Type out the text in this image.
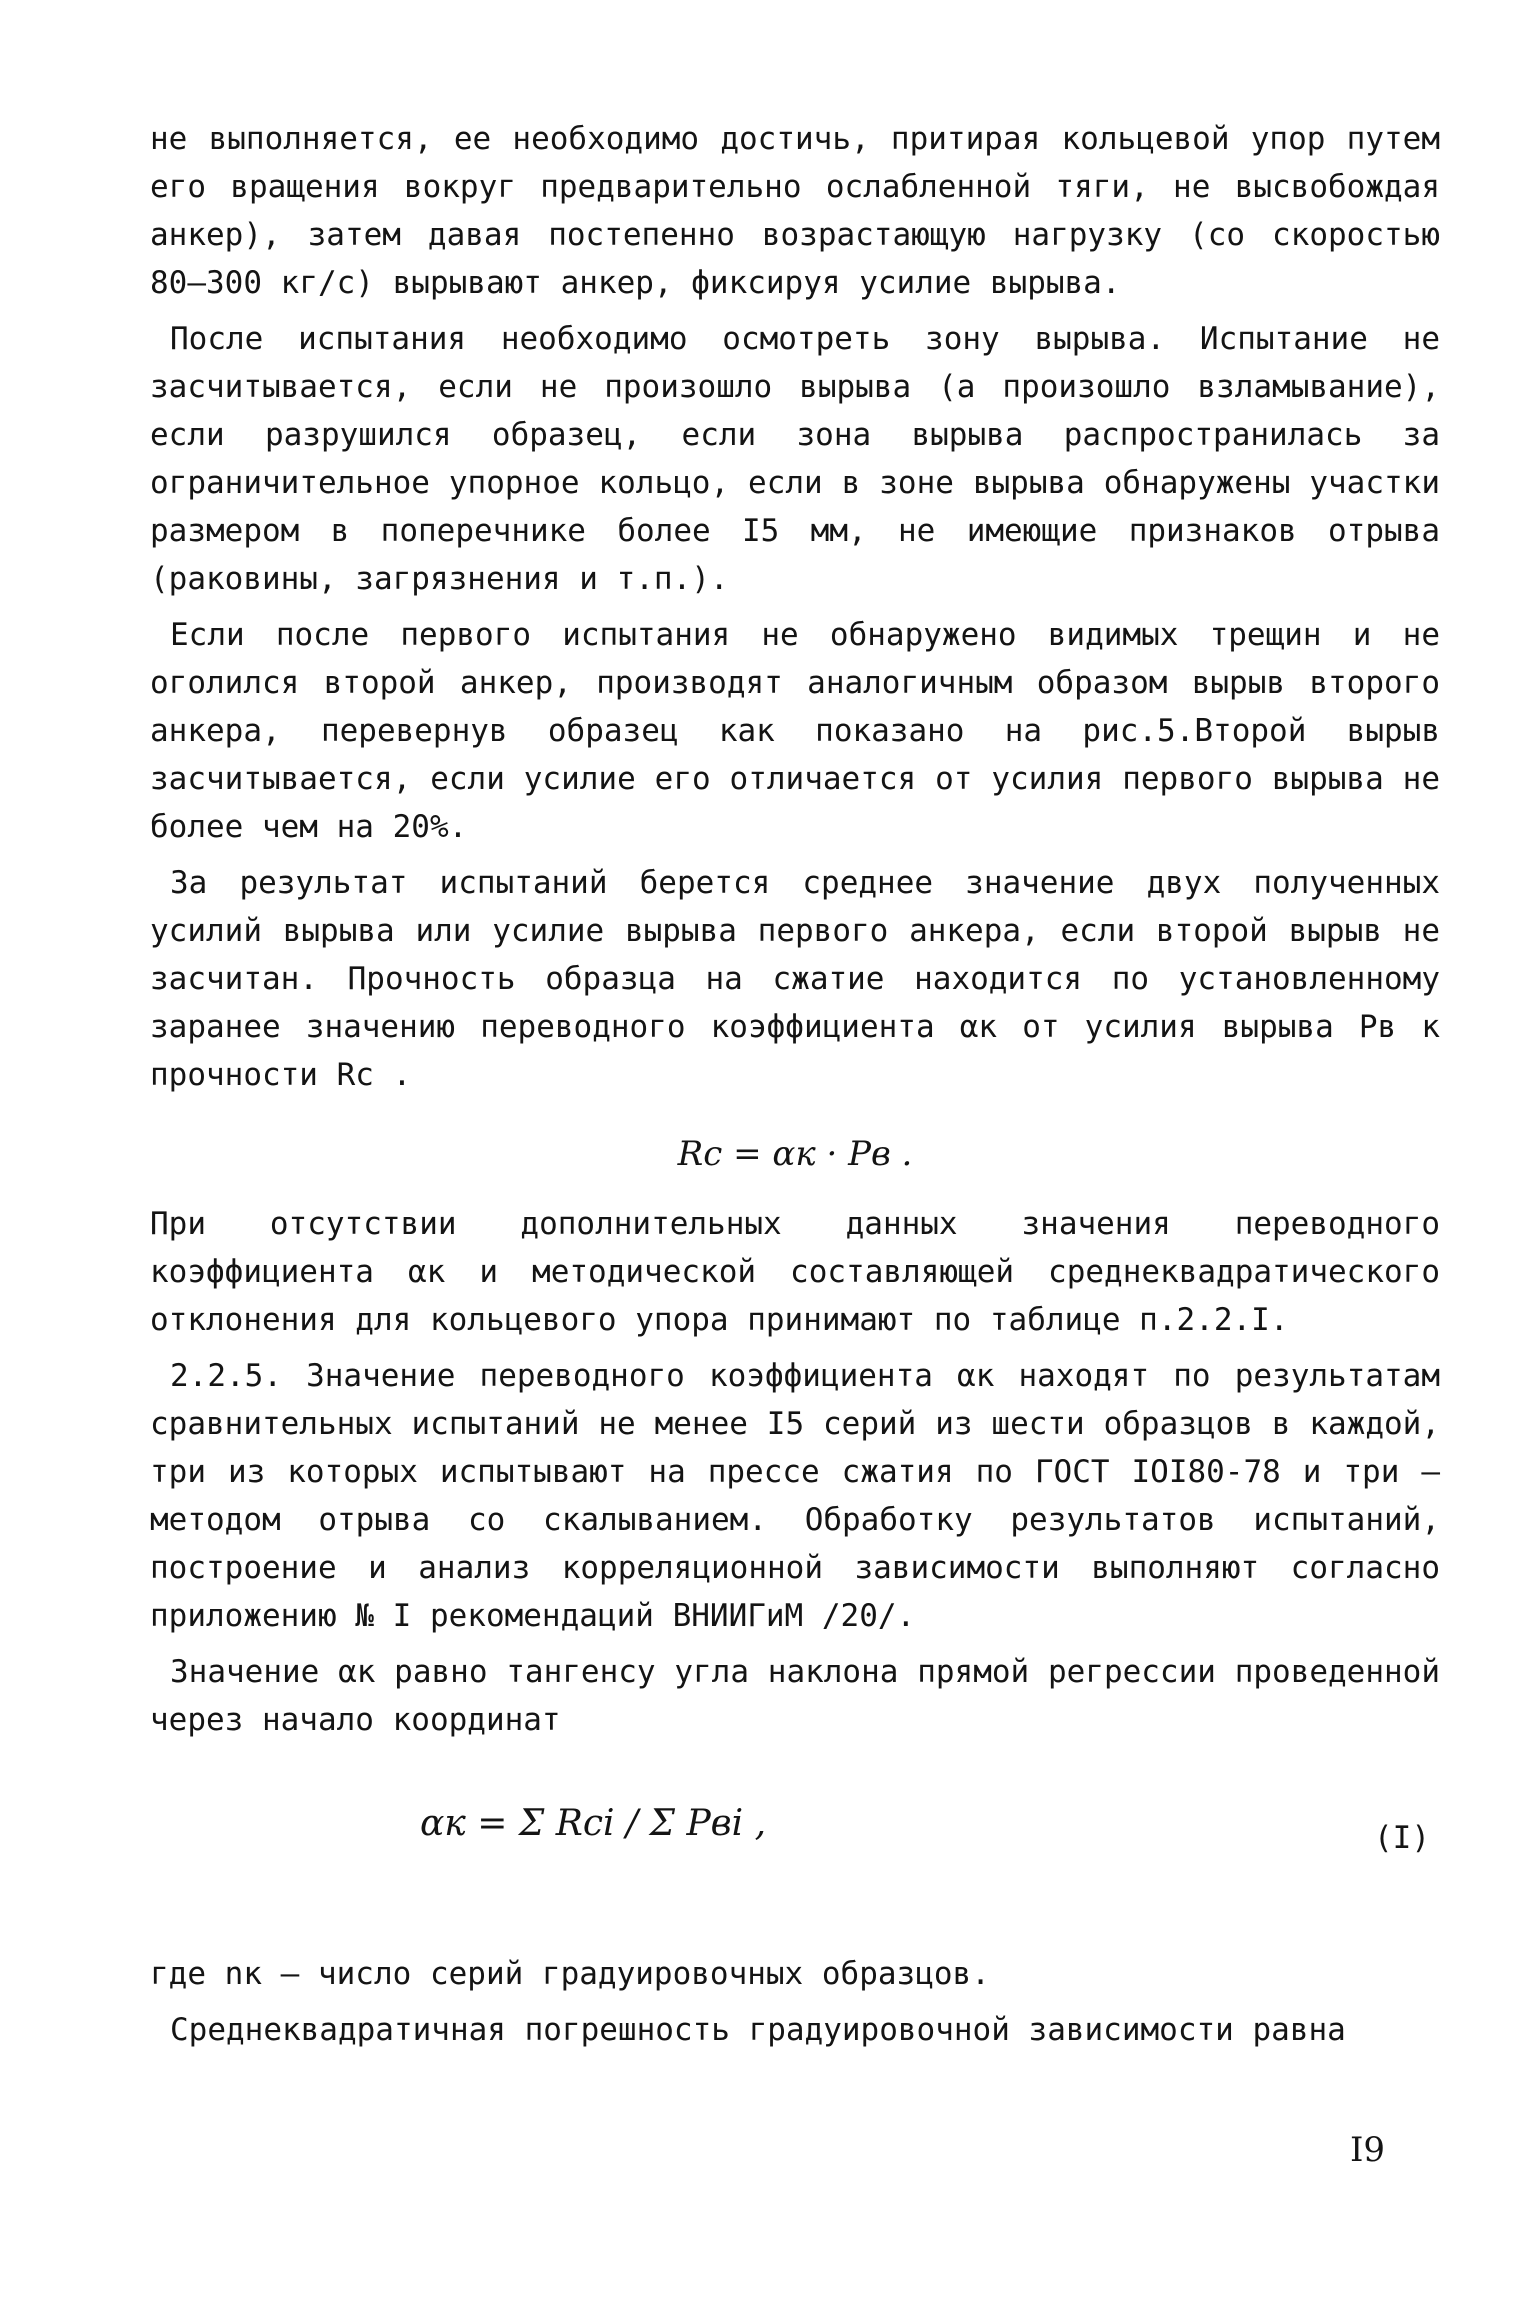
не выполняется, ее необходимо достичь, притирая кольцевой упор путем его вращения вокруг предварительно ослабленной тяги, не высвобождая анкер), затем давая постепенно возрастающую нагрузку (со скоростью 80–300 кг/с) вырывают анкер, фиксируя усилие вырыва.

После испытания необходимо осмотреть зону вырыва. Испытание не засчитывается, если не произошло вырыва (а произошло взламывание), если разрушился образец, если зона вырыва распространилась за ограничительное упорное кольцо, если в зоне вырыва обнаружены участки размером в поперечнике более I5 мм, не имеющие признаков отрыва (раковины, загрязнения и т.п.).

Если после первого испытания не обнаружено видимых трещин и не оголился второй анкер, производят аналогичным образом вырыв второго анкера, перевернув образец как показано на рис.5.Второй вырыв засчитывается, если усилие его отличается от усилия первого вырыва не более чем на 20%.

За результат испытаний берется среднее значение двух полученных усилий вырыва или усилие вырыва первого анкера, если второй вырыв не засчитан. Прочность образца на сжатие находится по установленному заранее значению переводного коэффициента αк от усилия вырыва Pв к прочности Rс .

Rс = αк · Pв .

При отсутствии дополнительных данных значения переводного коэффициента αк и методической составляющей среднеквадратического отклонения для кольцевого упора принимают по таблице п.2.2.I.

2.2.5. Значение переводного коэффициента αк находят по результатам сравнительных испытаний не менее I5 серий из шести образцов в каждой, три из которых испытывают на прессе сжатия по ГОСТ IOI80-78 и три – методом отрыва со скалыванием. Обработку результатов испытаний, построение и анализ корреляционной зависимости выполняют согласно приложению № I рекомендаций ВНИИГиМ /20/.

Значение αк равно тангенсу угла наклона прямой регрессии проведенной через начало координат

αк = Σ Rci / Σ Pвi ,	(I)

где nк – число серий градуировочных образцов.

Среднеквадратичная погрешность градуировочной зависимости равна

I9
